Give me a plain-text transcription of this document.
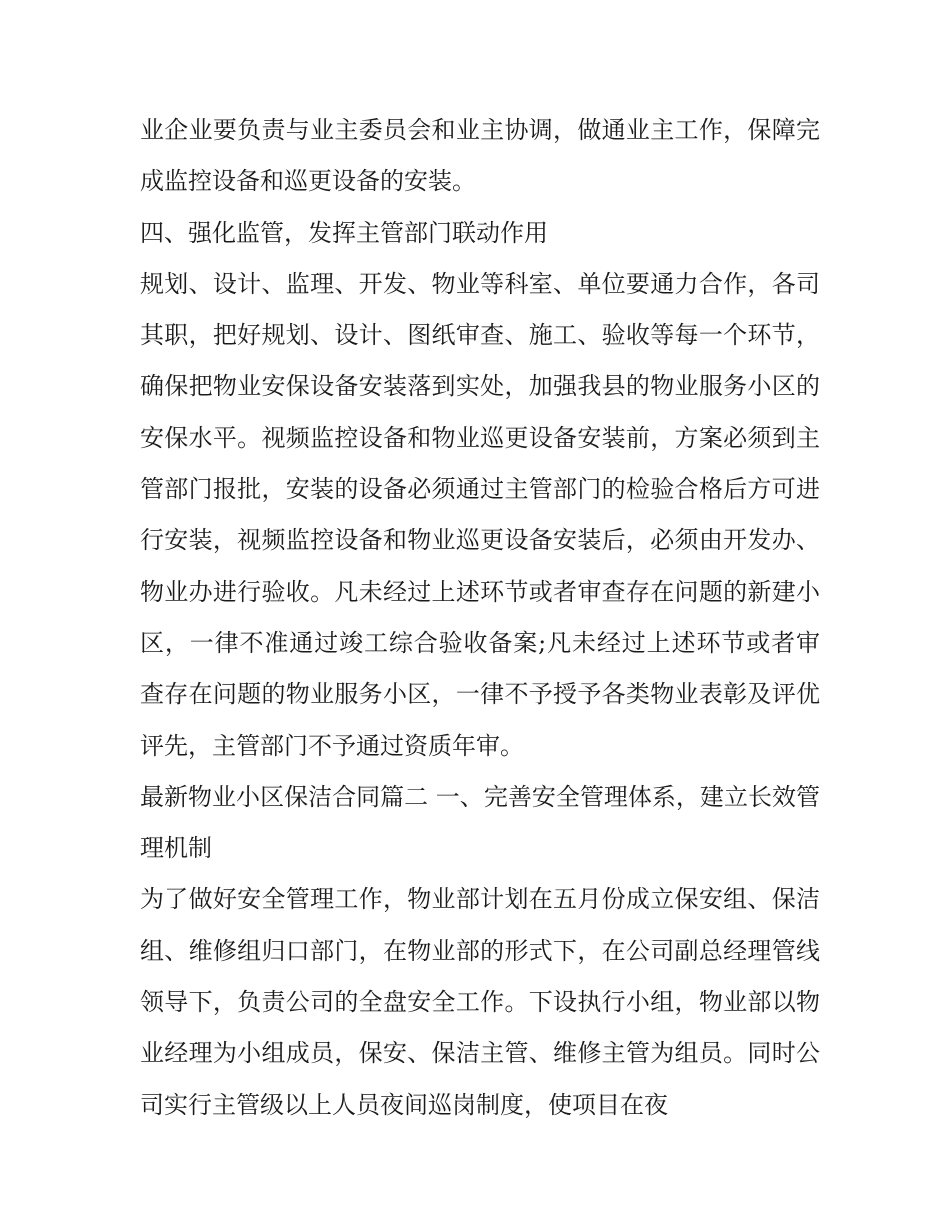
业企业要负责与业主委员会和业主协调，做通业主工作，保障完成监控设备和巡更设备的安装。

四、强化监管，发挥主管部门联动作用

规划、设计、监理、开发、物业等科室、单位要通力合作，各司其职，把好规划、设计、图纸审查、施工、验收等每一个环节，确保把物业安保设备安装落到实处，加强我县的物业服务小区的安保水平。视频监控设备和物业巡更设备安装前，方案必须到主管部门报批，安装的设备必须通过主管部门的检验合格后方可进行安装，视频监控设备和物业巡更设备安装后，必须由开发办、物业办进行验收。凡未经过上述环节或者审查存在问题的新建小区，一律不准通过竣工综合验收备案;凡未经过上述环节或者审查存在问题的物业服务小区，一律不予授予各类物业表彰及评优评先，主管部门不予通过资质年审。

最新物业小区保洁合同篇二 一、完善安全管理体系，建立长效管理机制

为了做好安全管理工作，物业部计划在五月份成立保安组、保洁组、维修组归口部门，在物业部的形式下，在公司副总经理管线领导下，负责公司的全盘安全工作。下设执行小组，物业部以物业经理为小组成员，保安、保洁主管、维修主管为组员。同时公司实行主管级以上人员夜间巡岗制度，使项目在夜
